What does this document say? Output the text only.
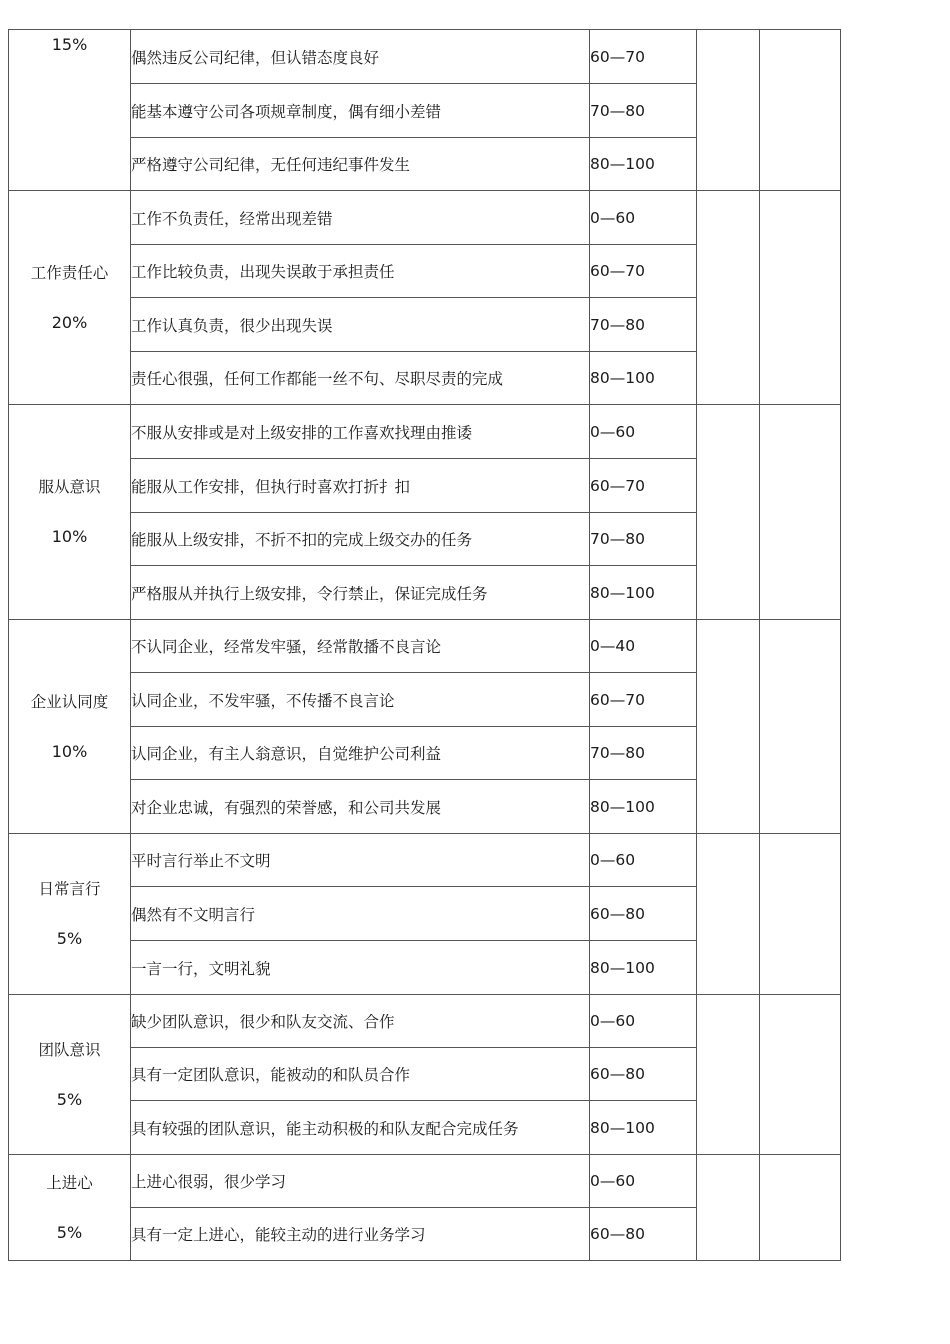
15%	偶然违反公司纪律，但认错态度良好	60—70		
	能基本遵守公司各项规章制度，偶有细小差错	70—80		
	严格遵守公司纪律，无任何违纪事件发生	80—100		

工作责任心
20%	工作不负责任，经常出现差错	0—60		
	工作比较负责，出现失误敢于承担责任	60—70		
	工作认真负责，很少出现失误	70—80		
	责任心很强，任何工作都能一丝不句、尽职尽责的完成	80—100		

服从意识
10%	不服从安排或是对上级安排的工作喜欢找理由推诿	0—60		
	能服从工作安排，但执行时喜欢打折扌扣	60—70		
	能服从上级安排，不折不扣的完成上级交办的任务	70—80		
	严格服从并执行上级安排，令行禁止，保证完成任务	80—100		

企业认同度
10%	不认同企业，经常发牢骚，经常散播不良言论	0—40		
	认同企业，不发牢骚，不传播不良言论	60—70		
	认同企业，有主人翁意识，自觉维护公司利益	70—80		
	对企业忠诚，有强烈的荣誉感，和公司共发展	80—100		

日常言行
5%	平时言行举止不文明	0—60		
	偶然有不文明言行	60—80		
	一言一行，文明礼貌	80—100		

团队意识
5%	缺少团队意识，很少和队友交流、合作	0—60		
	具有一定团队意识，能被动的和队员合作	60—80		
	具有较强的团队意识，能主动积极的和队友配合完成任务	80—100		

上进心
5%	上进心很弱，很少学习	0—60		
	具有一定上进心，能较主动的进行业务学习	60—80		
